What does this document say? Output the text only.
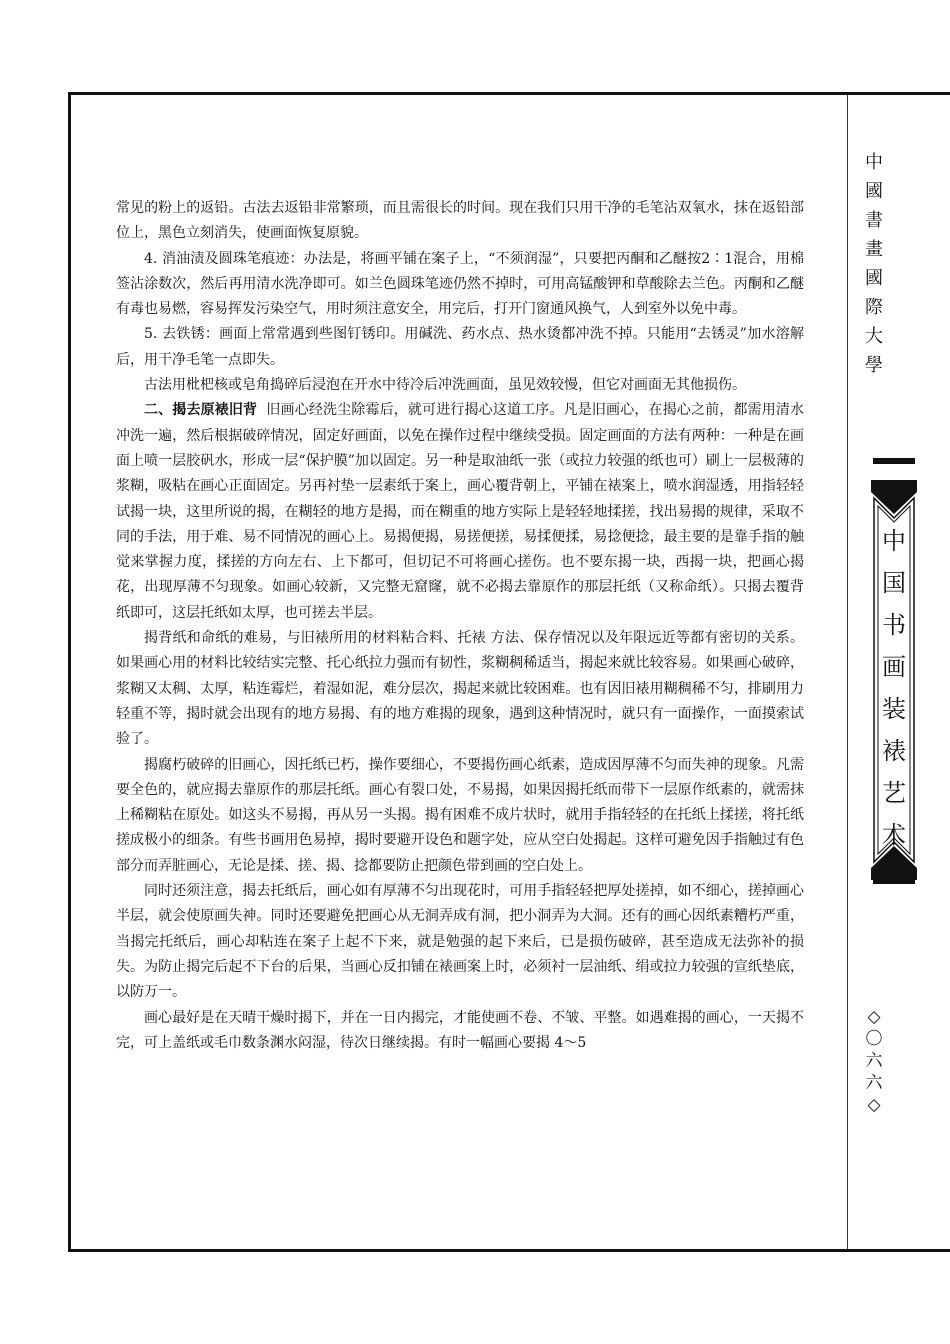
中
國
書
畫
國
際
大
學
中
国
书
画
装
裱
艺
术
◇
〇
六
六
◇

常见的粉上的返铅。古法去返铅非常繁琐，而且需很长的时间。现在我们只用干净的毛笔沾双氧水，抹在返铅部位上，黑色立刻消失，使画面恢复原貌。

4. 消油渍及圆珠笔痕迹：办法是，将画平铺在案子上，“不须润湿”，只要把丙酮和乙醚按2∶1混合，用棉签沾涂数次，然后再用清水洗净即可。如兰色圆珠笔迹仍然不掉时，可用高锰酸钾和草酸除去兰色。丙酮和乙醚有毒也易燃，容易挥发污染空气，用时须注意安全，用完后，打开门窗通风换气，人到室外以免中毒。

5. 去铁锈：画面上常常遇到些图钉锈印。用碱洗、药水点、热水烫都冲洗不掉。只能用“去锈灵”加水溶解后，用干净毛笔一点即失。

古法用枇杷核或皂角捣碎后浸泡在开水中待冷后冲洗画面，虽见效较慢，但它对画面无其他损伤。

二、揭去原裱旧背 旧画心经洗尘除霉后，就可进行揭心这道工序。凡是旧画心，在揭心之前，都需用清水冲洗一遍，然后根据破碎情况，固定好画面，以免在操作过程中继续受损。固定画面的方法有两种：一种是在画面上喷一层胶矾水，形成一层“保护膜”加以固定。另一种是取油纸一张（或拉力较强的纸也可）刷上一层极薄的浆糊，吸粘在画心正面固定。另再衬垫一层素纸于案上，画心覆背朝上，平铺在裱案上，喷水润湿透，用指轻轻试揭一块，这里所说的揭，在糊轻的地方是揭，而在糊重的地方实际上是轻轻地揉搓，找出易揭的规律，采取不同的手法，用于难、易不同情况的画心上。易揭便揭，易搓便搓，易揉便揉，易捻便捻，最主要的是靠手指的触觉来掌握力度，揉搓的方向左右、上下都可，但切记不可将画心搓伤。也不要东揭一块，西揭一块，把画心揭花，出现厚薄不匀现象。如画心较新，又完整无窟窿，就不必揭去靠原作的那层托纸（又称命纸）。只揭去覆背纸即可，这层托纸如太厚，也可搓去半层。

揭背纸和命纸的难易，与旧裱所用的材料粘合料、托裱 方法、保存情况以及年限远近等都有密切的关系。如果画心用的材料比较结实完整、托心纸拉力强而有韧性，浆糊稠稀适当，揭起来就比较容易。如果画心破碎，浆糊又太稠、太厚，粘连霉烂，着湿如泥，难分层次，揭起来就比较困难。也有因旧裱用糊稠稀不匀，排刷用力轻重不等，揭时就会出现有的地方易揭、有的地方难揭的现象，遇到这种情况时，就只有一面操作，一面摸索试验了。

揭腐朽破碎的旧画心，因托纸已朽，操作要细心，不要揭伤画心纸素，造成因厚薄不匀而失神的现象。凡需要全色的，就应揭去靠原作的那层托纸。画心有裂口处，不易揭，如果因揭托纸而带下一层原作纸素的，就需抹上稀糊粘在原处。如这头不易揭，再从另一头揭。揭有困难不成片状时，就用手指轻轻的在托纸上揉搓，将托纸搓成极小的细条。有些书画用色易掉，揭时要避开设色和题字处，应从空白处揭起。这样可避免因手指触过有色部分而弄脏画心，无论是揉、搓、揭、捻都要防止把颜色带到画的空白处上。

同时还须注意，揭去托纸后，画心如有厚薄不匀出现花时，可用手指轻轻把厚处搓掉，如不细心，搓掉画心半层，就会使原画失神。同时还要避免把画心从无洞弄成有洞，把小洞弄为大洞。还有的画心因纸素糟朽严重，当揭完托纸后，画心却粘连在案子上起不下来，就是勉强的起下来后，已是损伤破碎，甚至造成无法弥补的损失。为防止揭完后起不下台的后果，当画心反扣铺在裱画案上时，必须衬一层油纸、绢或拉力较强的宣纸垫底，以防万一。

画心最好是在天晴干燥时揭下，并在一日内揭完，才能使画不卷、不皱、平整。如遇难揭的画心，一天揭不完，可上盖纸或毛巾数条渊水闷湿，待次日继续揭。有时一幅画心要揭 4～5
